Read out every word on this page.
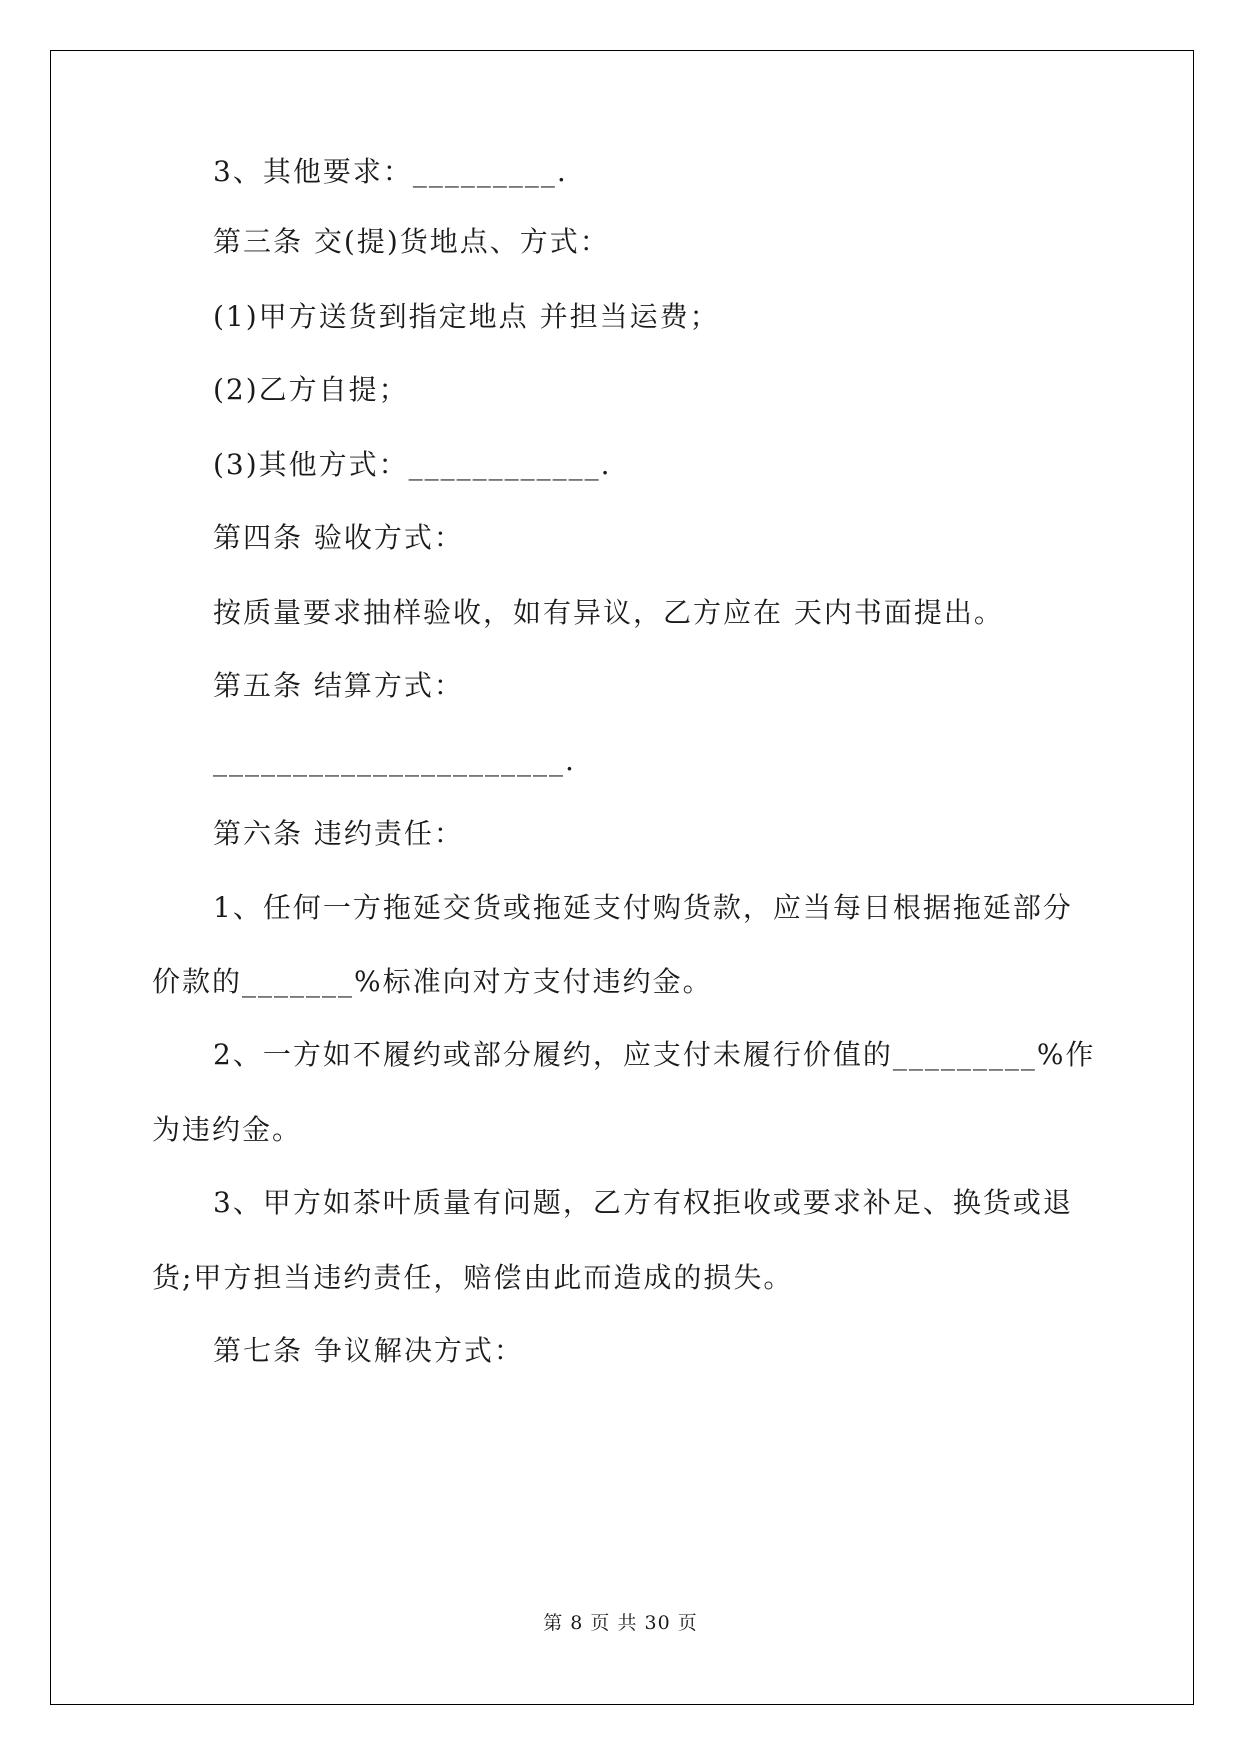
3、其他要求：_________.
第三条 交(提)货地点、方式：
(1)甲方送货到指定地点 并担当运费；
(2)乙方自提；
(3)其他方式：____________.
第四条 验收方式：
按质量要求抽样验收，如有异议，乙方应在 天内书面提出。
第五条 结算方式：
______________________.
第六条 违约责任：
1、任何一方拖延交货或拖延支付购货款，应当每日根据拖延部分
价款的_______%标准向对方支付违约金。
2、一方如不履约或部分履约，应支付未履行价值的_________%作
为违约金。
3、甲方如茶叶质量有问题，乙方有权拒收或要求补足、换货或退
货;甲方担当违约责任，赔偿由此而造成的损失。
第七条 争议解决方式：
第 8 页 共 30 页
